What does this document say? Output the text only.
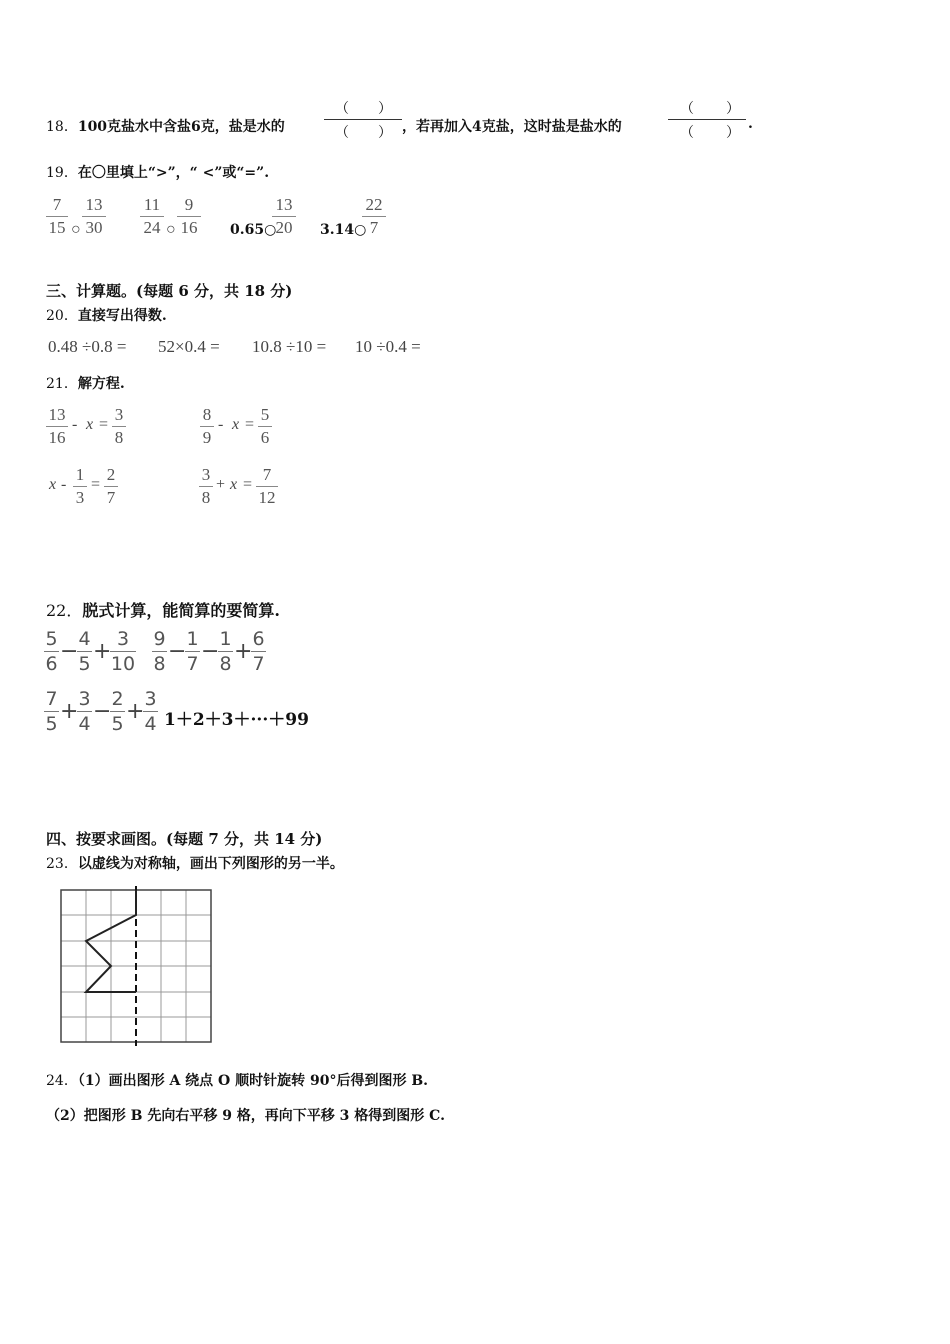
18．100克盐水中含盐6克，盐是水的
（ ）
（ ） ，若再加入4克盐，这时盐是盐水的
（ ）
（ ）
.
19．在〇里填上“>”，“ <”或“=”.
7
15 ○
13
30
11
24 ○
9
16 0.65○
13
20 3.14○
22
7
三、计算题。(每题 6 分，共 18 分)
20．直接写出得数.
0.48 ÷0.8 = 52×0.4 = 10.8 ÷10 = 10 ÷0.4 =
21．解方程.
13
16
- x =
3
8
8
9
- x =
5
6
x -
1
3
=
2
7
3
8
+ x =
7
12
22．脱式计算，能简算的要简算.
5
6 − 4
5 + 3
10
9
8 − 1
7 − 1
8 + 6
7
7
5 + 3
4 − 2
5 + 3
4 1＋2＋3＋···＋99
四、按要求画图。(每题 7 分，共 14 分)
23．以虚线为对称轴，画出下列图形的另一半。
24．（1）画出图形 A 绕点 O 顺时针旋转 90°后得到图形 B.
（2）把图形 B 先向右平移 9 格，再向下平移 3 格得到图形 C.
